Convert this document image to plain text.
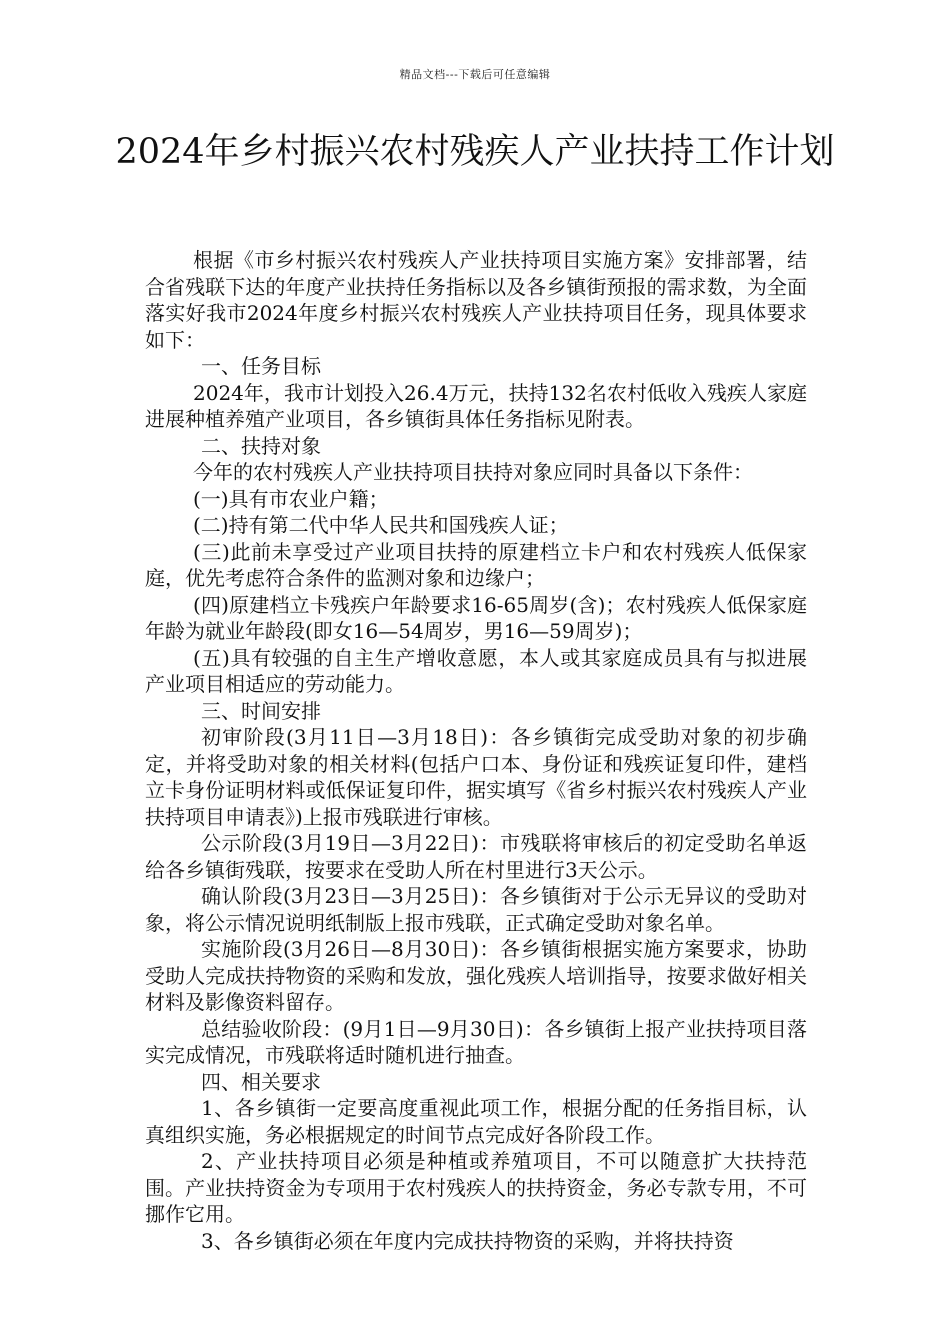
精品文档---下载后可任意编辑
2024年乡村振兴农村残疾人产业扶持工作计划

根据《市乡村振兴农村残疾人产业扶持项目实施方案》安排部署，结合省残联下达的年度产业扶持任务指标以及各乡镇街预报的需求数，为全面落实好我市2024年度乡村振兴农村残疾人产业扶持项目任务，现具体要求如下：

一、任务目标

2024年，我市计划投入26.4万元，扶持132名农村低收入残疾人家庭进展种植养殖产业项目，各乡镇街具体任务指标见附表。

二、扶持对象

今年的农村残疾人产业扶持项目扶持对象应同时具备以下条件：

(一)具有市农业户籍；

(二)持有第二代中华人民共和国残疾人证；

(三)此前未享受过产业项目扶持的原建档立卡户和农村残疾人低保家庭，优先考虑符合条件的监测对象和边缘户；

(四)原建档立卡残疾户年龄要求16-65周岁(含)；农村残疾人低保家庭年龄为就业年龄段(即女16—54周岁，男16—59周岁)；

(五)具有较强的自主生产增收意愿，本人或其家庭成员具有与拟进展产业项目相适应的劳动能力。

三、时间安排

初审阶段(3月11日—3月18日)：各乡镇街完成受助对象的初步确定，并将受助对象的相关材料(包括户口本、身份证和残疾证复印件，建档立卡身份证明材料或低保证复印件，据实填写《省乡村振兴农村残疾人产业扶持项目申请表》)上报市残联进行审核。

公示阶段(3月19日—3月22日)：市残联将审核后的初定受助名单返给各乡镇街残联，按要求在受助人所在村里进行3天公示。

确认阶段(3月23日—3月25日)：各乡镇街对于公示无异议的受助对象，将公示情况说明纸制版上报市残联，正式确定受助对象名单。

实施阶段(3月26日—8月30日)：各乡镇街根据实施方案要求，协助受助人完成扶持物资的采购和发放，强化残疾人培训指导，按要求做好相关材料及影像资料留存。

总结验收阶段：(9月1日—9月30日)：各乡镇街上报产业扶持项目落实完成情况，市残联将适时随机进行抽查。

四、相关要求

1、各乡镇街一定要高度重视此项工作，根据分配的任务指目标，认真组织实施，务必根据规定的时间节点完成好各阶段工作。

2、产业扶持项目必须是种植或养殖项目，不可以随意扩大扶持范围。产业扶持资金为专项用于农村残疾人的扶持资金，务必专款专用，不可挪作它用。

3、各乡镇街必须在年度内完成扶持物资的采购，并将扶持资
